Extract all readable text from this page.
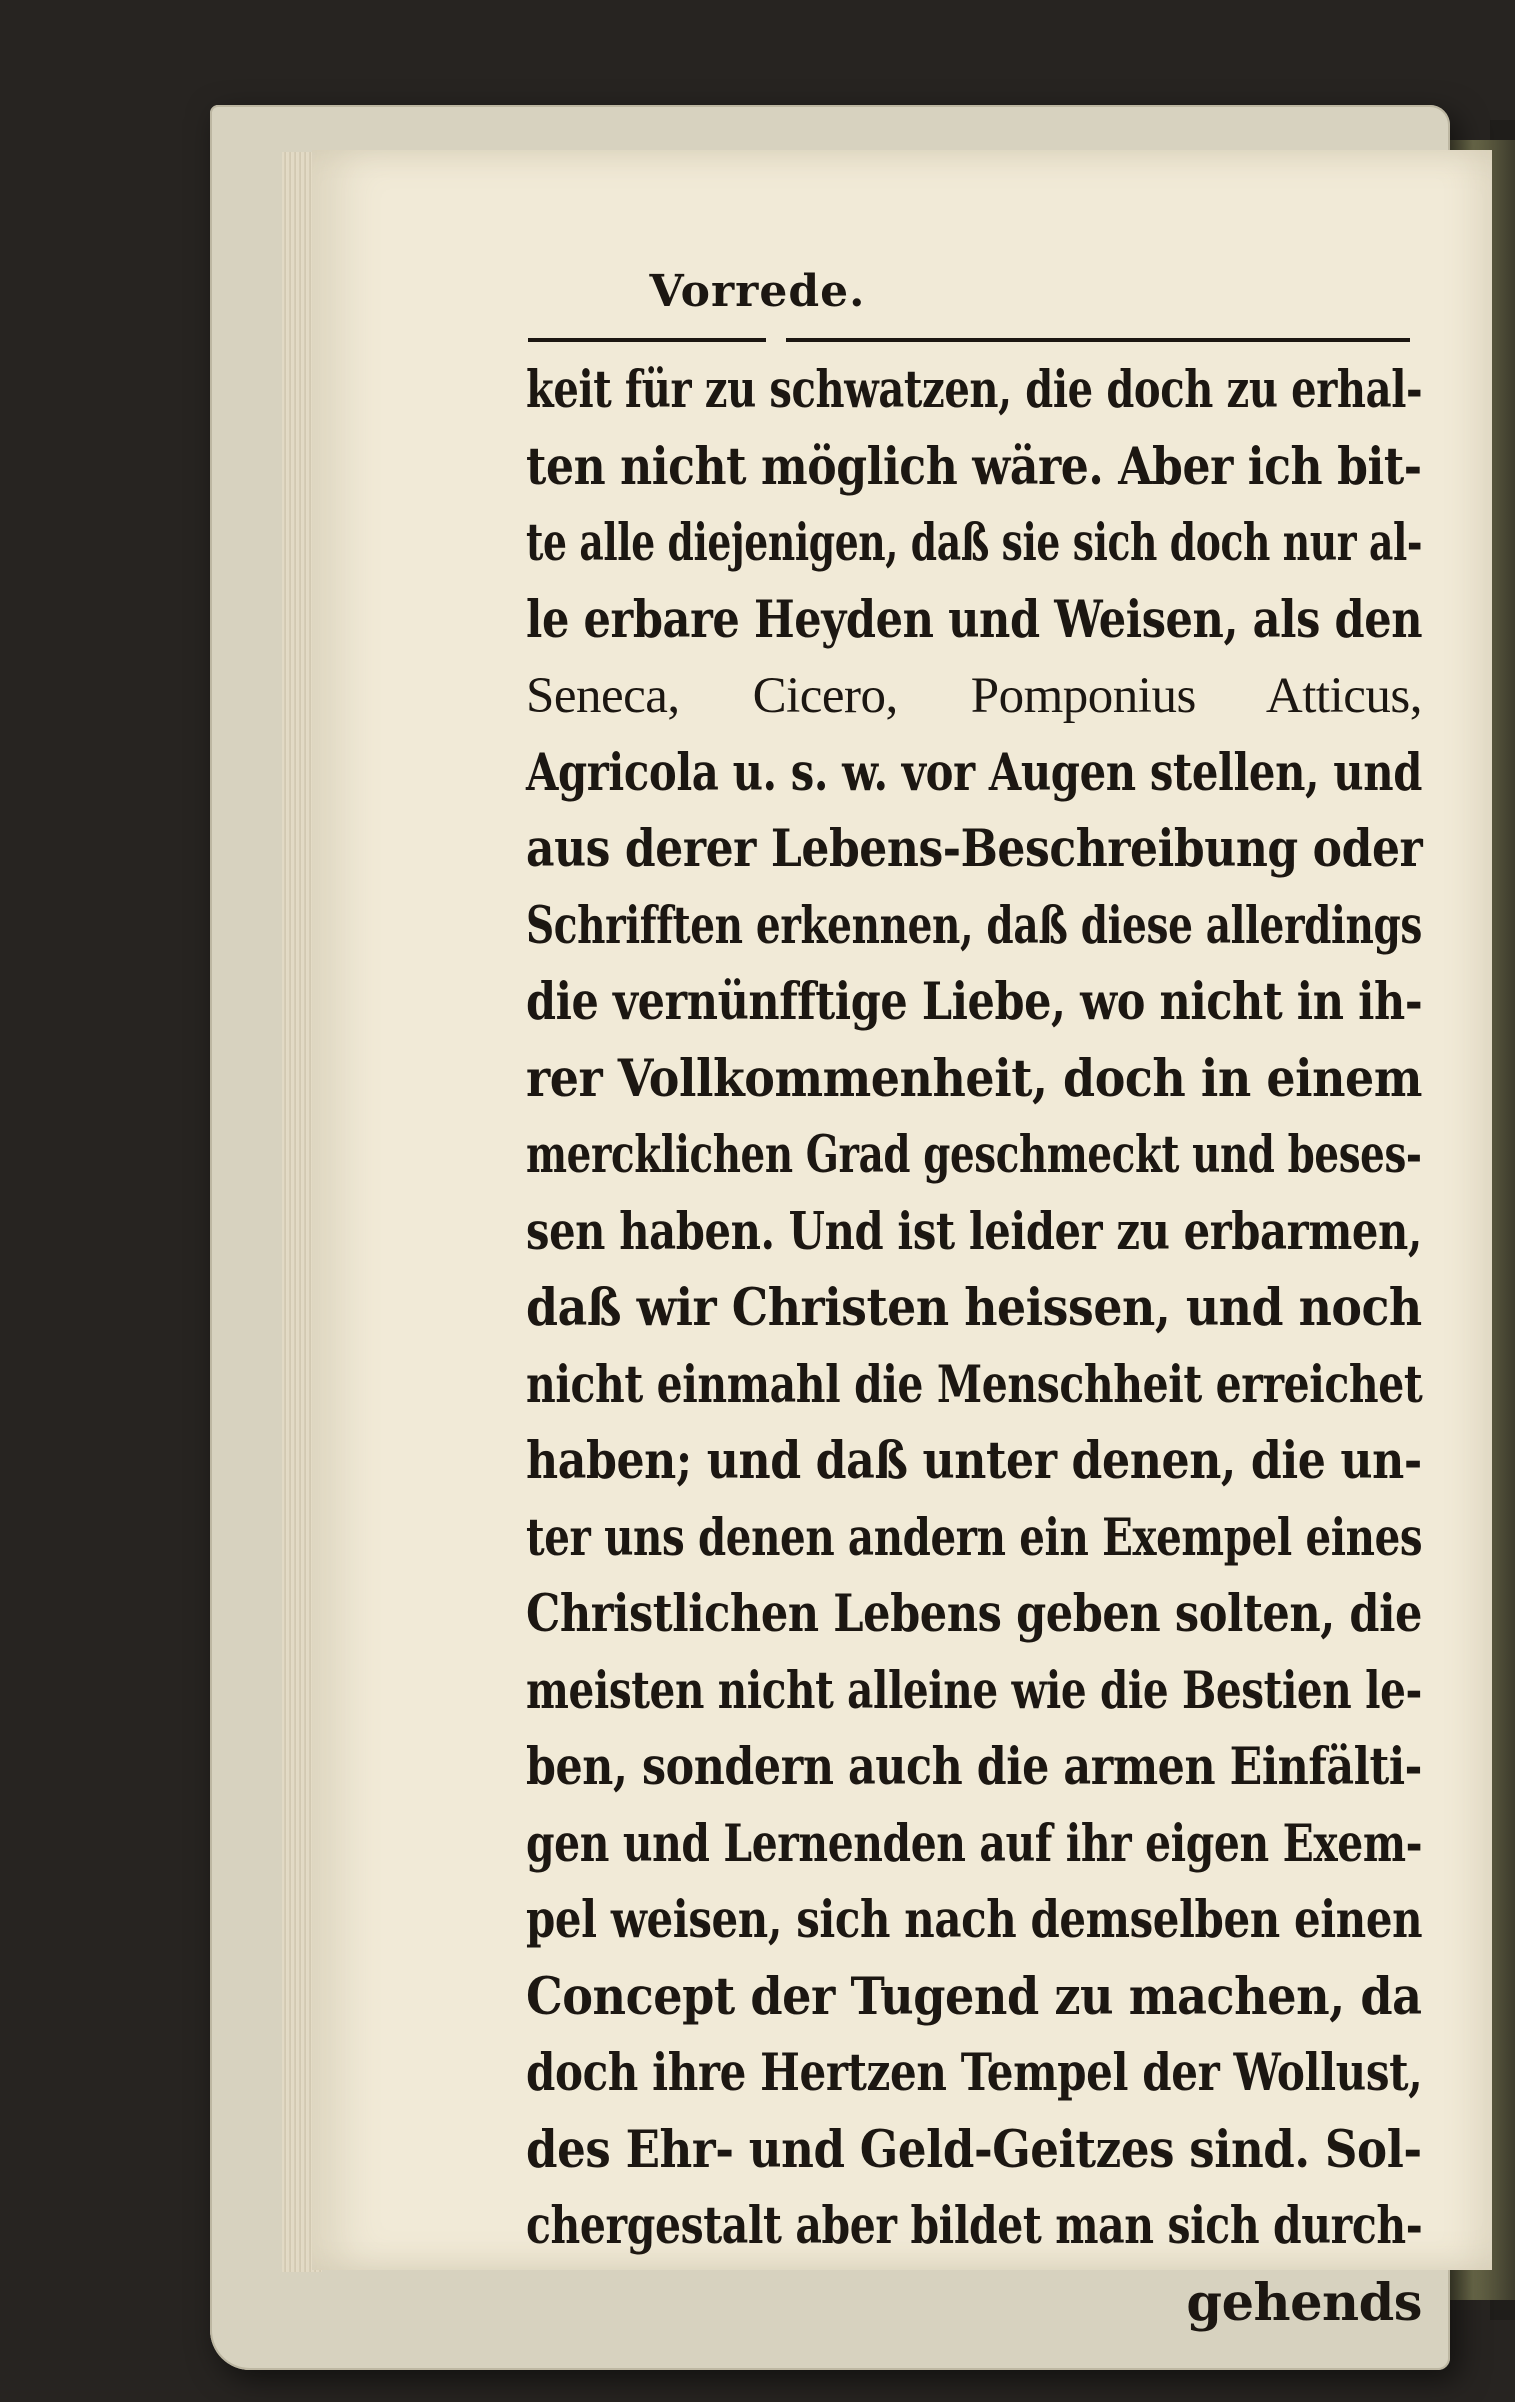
Vorrede.
keit für zu schwatzen, die doch zu erhal-
ten nicht möglich wäre. Aber ich bit-
te alle diejenigen, daß sie sich doch nur al-
le erbare Heyden und Weisen, als den
Seneca, Cicero, Pomponius Atticus,
Agricola u. s. w. vor Augen stellen, und
aus derer Lebens-Beschreibung oder
Schrifften erkennen, daß diese allerdings
die vernünfftige Liebe, wo nicht in ih-
rer Vollkommenheit, doch in einem
mercklichen Grad geschmeckt und beses-
sen haben. Und ist leider zu erbarmen,
daß wir Christen heissen, und noch
nicht einmahl die Menschheit erreichet
haben; und daß unter denen, die un-
ter uns denen andern ein Exempel eines
Christlichen Lebens geben solten, die
meisten nicht alleine wie die Bestien le-
ben, sondern auch die armen Einfälti-
gen und Lernenden auf ihr eigen Exem-
pel weisen, sich nach demselben einen
Concept der Tugend zu machen, da
doch ihre Hertzen Tempel der Wollust,
des Ehr- und Geld-Geitzes sind. Sol-
chergestalt aber bildet man sich durch-
gehends
